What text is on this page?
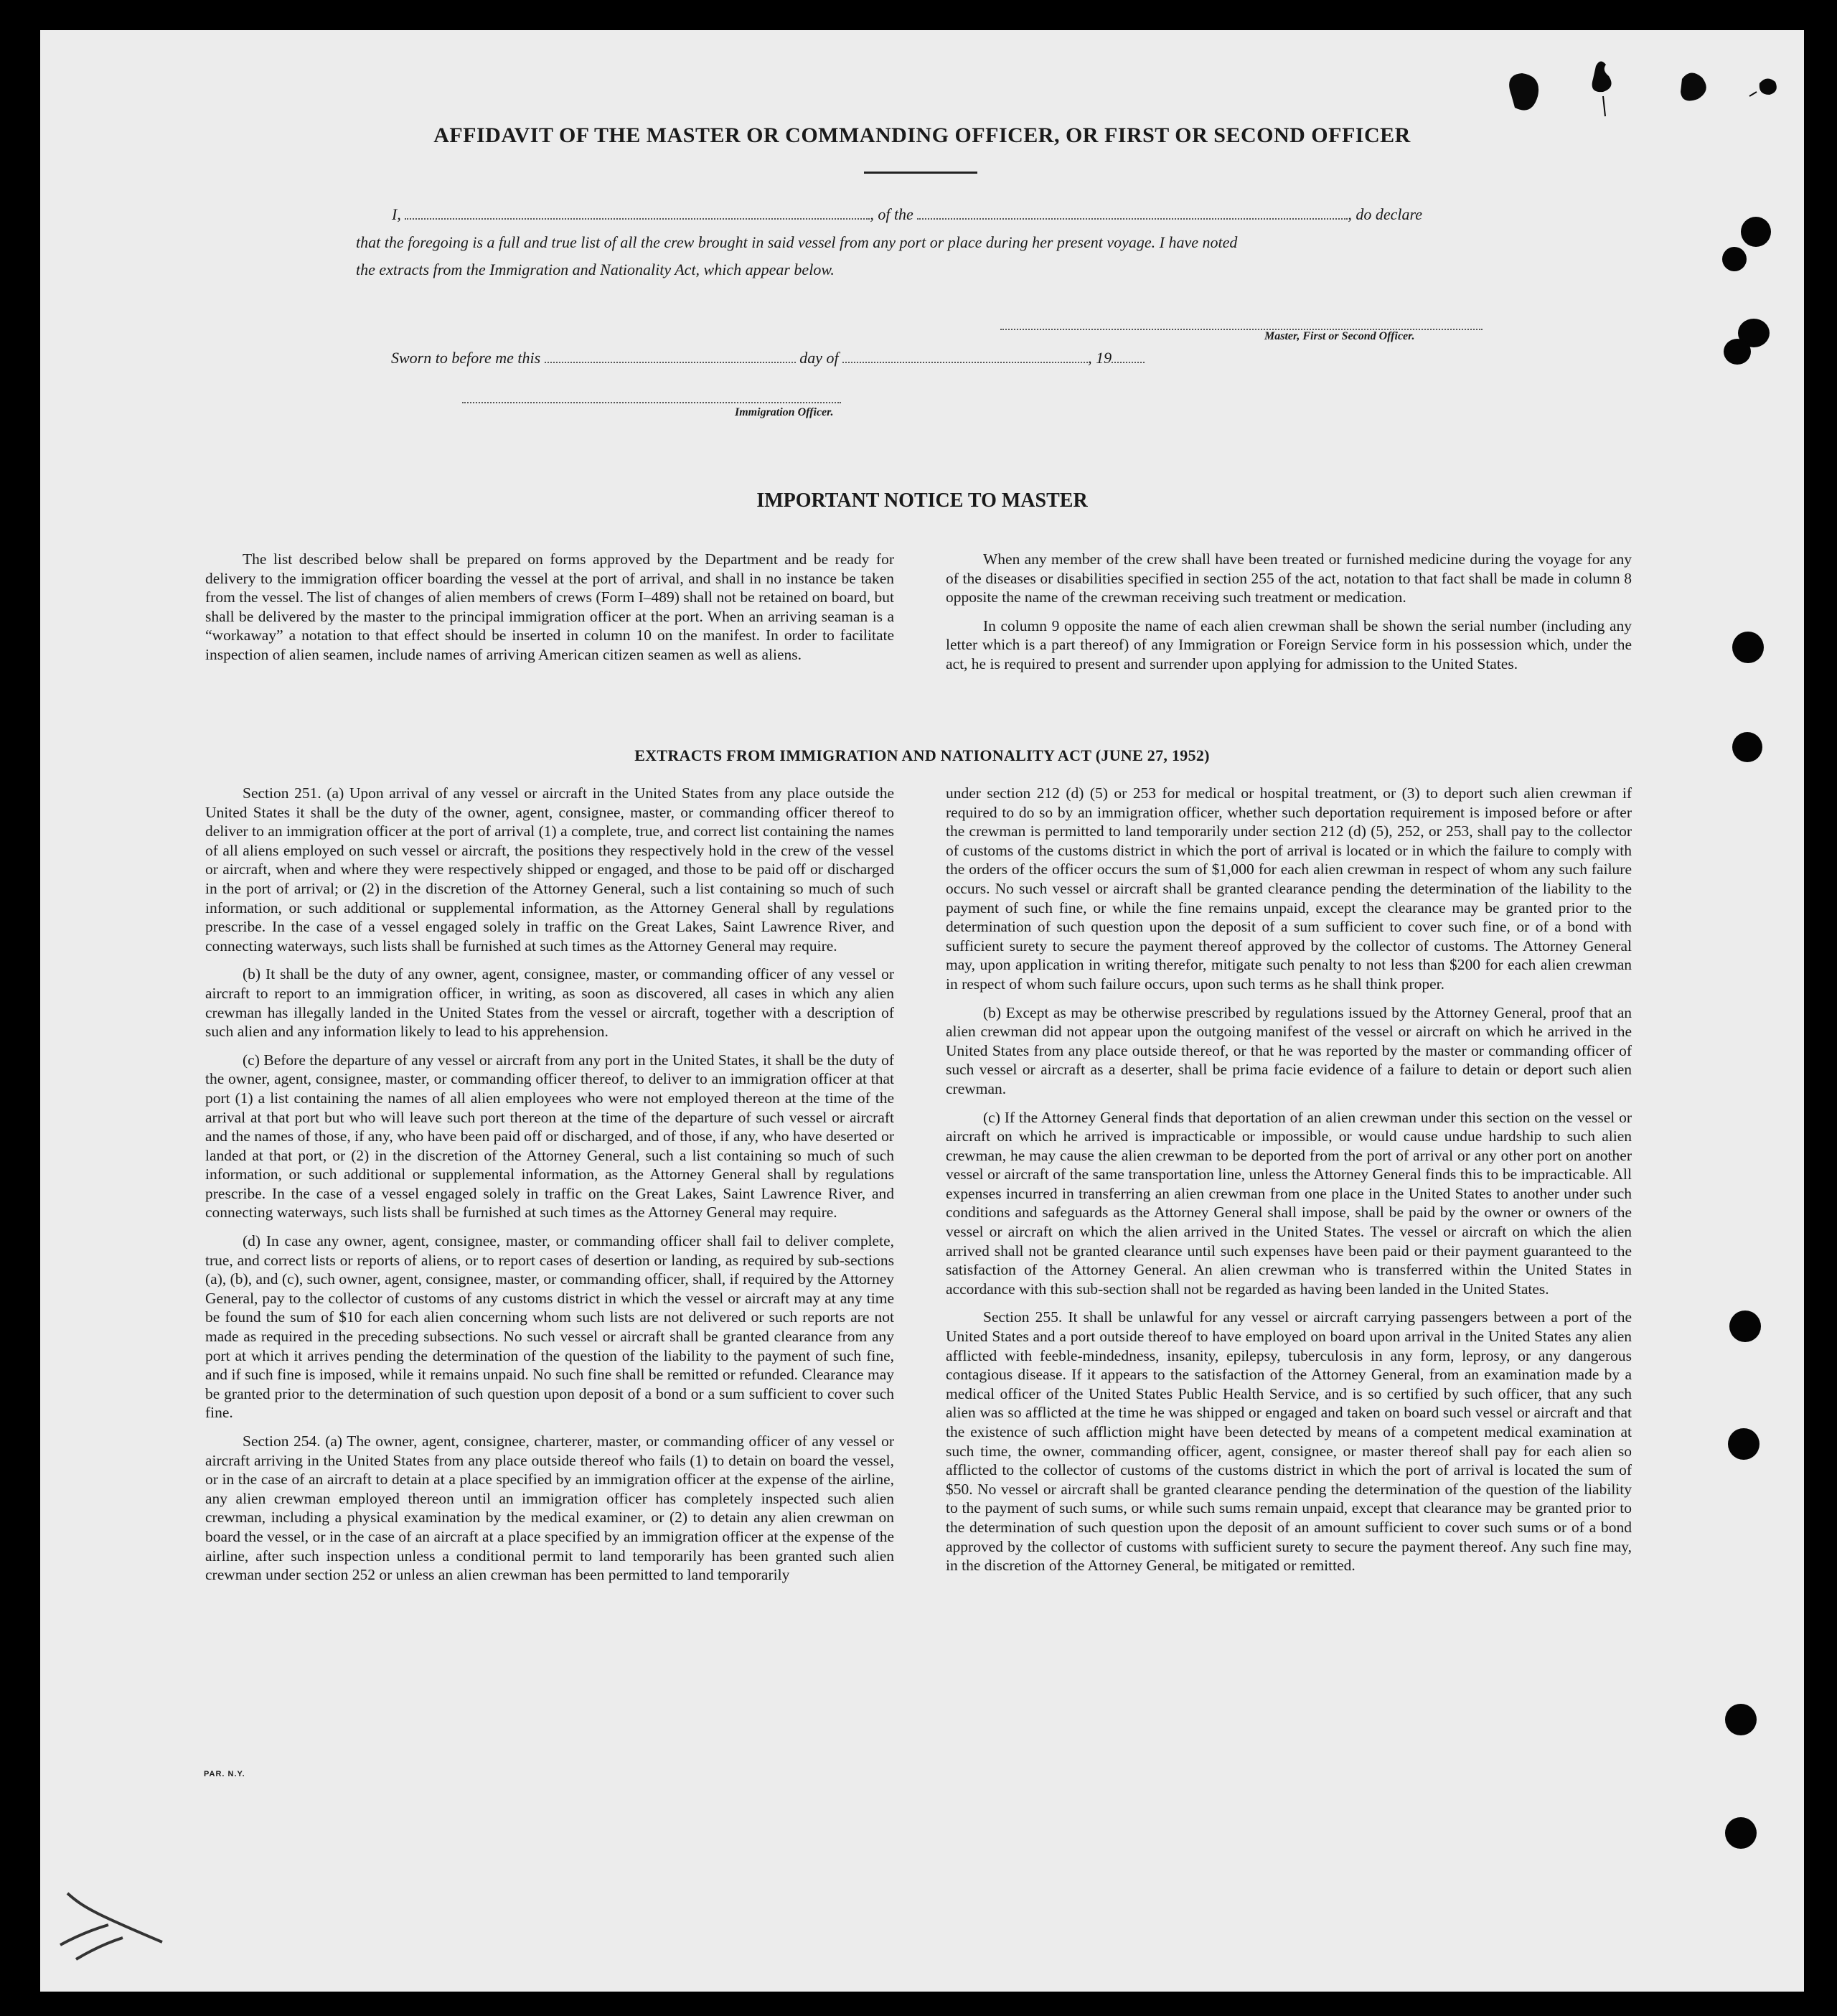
AFFIDAVIT OF THE MASTER OR COMMANDING OFFICER, OR FIRST OR SECOND OFFICER
I,	, of the	, do declare
that the foregoing is a full and true list of all the crew brought in said vessel from any port or place during her present voyage. I have noted
the extracts from the Immigration and Nationality Act, which appear below.
Master, First or Second Officer.
Sworn to before me this	day of	, 19
Immigration Officer.
IMPORTANT NOTICE TO MASTER

The list described below shall be prepared on forms approved by the Department and be ready for delivery to the immigration officer boarding the vessel at the port of arrival, and shall in no instance be taken from the vessel. The list of changes of alien members of crews (Form I–489) shall not be retained on board, but shall be delivered by the master to the principal immigration officer at the port. When an arriving seaman is a “workaway” a notation to that effect should be inserted in column 10 on the manifest. In order to facilitate inspection of alien seamen, include names of arriving American citizen seamen as well as aliens.

When any member of the crew shall have been treated or furnished medicine during the voyage for any of the diseases or disabilities specified in section 255 of the act, notation to that fact shall be made in column 8 opposite the name of the crewman receiving such treatment or medication.

In column 9 opposite the name of each alien crewman shall be shown the serial number (including any letter which is a part thereof) of any Immigration or Foreign Service form in his possession which, under the act, he is required to present and surrender upon applying for admission to the United States.

EXTRACTS FROM IMMIGRATION AND NATIONALITY ACT (JUNE 27, 1952)

Section 251. (a) Upon arrival of any vessel or aircraft in the United States from any place outside the United States it shall be the duty of the owner, agent, consignee, master, or commanding officer thereof to deliver to an immigration officer at the port of arrival (1) a complete, true, and correct list containing the names of all aliens employed on such vessel or aircraft, the positions they respectively hold in the crew of the vessel or aircraft, when and where they were respectively shipped or engaged, and those to be paid off or discharged in the port of arrival; or (2) in the discretion of the Attorney General, such a list containing so much of such information, or such additional or supplemental information, as the Attorney General shall by regulations prescribe. In the case of a vessel engaged solely in traffic on the Great Lakes, Saint Lawrence River, and connecting waterways, such lists shall be furnished at such times as the Attorney General may require.

(b) It shall be the duty of any owner, agent, consignee, master, or commanding officer of any vessel or aircraft to report to an immigration officer, in writing, as soon as discovered, all cases in which any alien crewman has illegally landed in the United States from the vessel or aircraft, together with a description of such alien and any information likely to lead to his apprehension.

(c) Before the departure of any vessel or aircraft from any port in the United States, it shall be the duty of the owner, agent, consignee, master, or commanding officer thereof, to deliver to an immigration officer at that port (1) a list containing the names of all alien employees who were not employed thereon at the time of the arrival at that port but who will leave such port thereon at the time of the departure of such vessel or aircraft and the names of those, if any, who have been paid off or discharged, and of those, if any, who have deserted or landed at that port, or (2) in the discretion of the Attorney General, such a list containing so much of such information, or such additional or supplemental information, as the Attorney General shall by regulations prescribe. In the case of a vessel engaged solely in traffic on the Great Lakes, Saint Lawrence River, and connecting waterways, such lists shall be furnished at such times as the Attorney General may require.

(d) In case any owner, agent, consignee, master, or commanding officer shall fail to deliver complete, true, and correct lists or reports of aliens, or to report cases of desertion or landing, as required by sub-sections (a), (b), and (c), such owner, agent, consignee, master, or commanding officer, shall, if required by the Attorney General, pay to the collector of customs of any customs district in which the vessel or aircraft may at any time be found the sum of $10 for each alien concerning whom such lists are not delivered or such reports are not made as required in the preceding subsections. No such vessel or aircraft shall be granted clearance from any port at which it arrives pending the determination of the question of the liability to the payment of such fine, and if such fine is imposed, while it remains unpaid. No such fine shall be remitted or refunded. Clearance may be granted prior to the determination of such question upon deposit of a bond or a sum sufficient to cover such fine.

Section 254. (a) The owner, agent, consignee, charterer, master, or commanding officer of any vessel or aircraft arriving in the United States from any place outside thereof who fails (1) to detain on board the vessel, or in the case of an aircraft to detain at a place specified by an immigration officer at the expense of the airline, any alien crewman employed thereon until an immigration officer has completely inspected such alien crewman, including a physical examination by the medical examiner, or (2) to detain any alien crewman on board the vessel, or in the case of an aircraft at a place specified by an immigration officer at the expense of the airline, after such inspection unless a conditional permit to land temporarily has been granted such alien crewman under section 252 or unless an alien crewman has been permitted to land temporarily

under section 212 (d) (5) or 253 for medical or hospital treatment, or (3) to deport such alien crewman if required to do so by an immigration officer, whether such deportation requirement is imposed before or after the crewman is permitted to land temporarily under section 212 (d) (5), 252, or 253, shall pay to the collector of customs of the customs district in which the port of arrival is located or in which the failure to comply with the orders of the officer occurs the sum of $1,000 for each alien crewman in respect of whom any such failure occurs. No such vessel or aircraft shall be granted clearance pending the determination of the liability to the payment of such fine, or while the fine remains unpaid, except the clearance may be granted prior to the determination of such question upon the deposit of a sum sufficient to cover such fine, or of a bond with sufficient surety to secure the payment thereof approved by the collector of customs. The Attorney General may, upon application in writing therefor, mitigate such penalty to not less than $200 for each alien crewman in respect of whom such failure occurs, upon such terms as he shall think proper.

(b) Except as may be otherwise prescribed by regulations issued by the Attorney General, proof that an alien crewman did not appear upon the outgoing manifest of the vessel or aircraft on which he arrived in the United States from any place outside thereof, or that he was reported by the master or commanding officer of such vessel or aircraft as a deserter, shall be prima facie evidence of a failure to detain or deport such alien crewman.

(c) If the Attorney General finds that deportation of an alien crewman under this section on the vessel or aircraft on which he arrived is impracticable or impossible, or would cause undue hardship to such alien crewman, he may cause the alien crewman to be deported from the port of arrival or any other port on another vessel or aircraft of the same transportation line, unless the Attorney General finds this to be impracticable. All expenses incurred in transferring an alien crewman from one place in the United States to another under such conditions and safeguards as the Attorney General shall impose, shall be paid by the owner or owners of the vessel or aircraft on which the alien arrived in the United States. The vessel or aircraft on which the alien arrived shall not be granted clearance until such expenses have been paid or their payment guaranteed to the satisfaction of the Attorney General. An alien crewman who is transferred within the United States in accordance with this sub-section shall not be regarded as having been landed in the United States.

Section 255. It shall be unlawful for any vessel or aircraft carrying passengers between a port of the United States and a port outside thereof to have employed on board upon arrival in the United States any alien afflicted with feeble-mindedness, insanity, epilepsy, tuberculosis in any form, leprosy, or any dangerous contagious disease. If it appears to the satisfaction of the Attorney General, from an examination made by a medical officer of the United States Public Health Service, and is so certified by such officer, that any such alien was so afflicted at the time he was shipped or engaged and taken on board such vessel or aircraft and that the existence of such affliction might have been detected by means of a competent medical examination at such time, the owner, commanding officer, agent, consignee, or master thereof shall pay for each alien so afflicted to the collector of customs of the customs district in which the port of arrival is located the sum of $50. No vessel or aircraft shall be granted clearance pending the determination of the question of the liability to the payment of such sums, or while such sums remain unpaid, except that clearance may be granted prior to the determination of such question upon the deposit of an amount sufficient to cover such sums or of a bond approved by the collector of customs with sufficient surety to secure the payment thereof. Any such fine may, in the discretion of the Attorney General, be mitigated or remitted.

PAR. N.Y.
